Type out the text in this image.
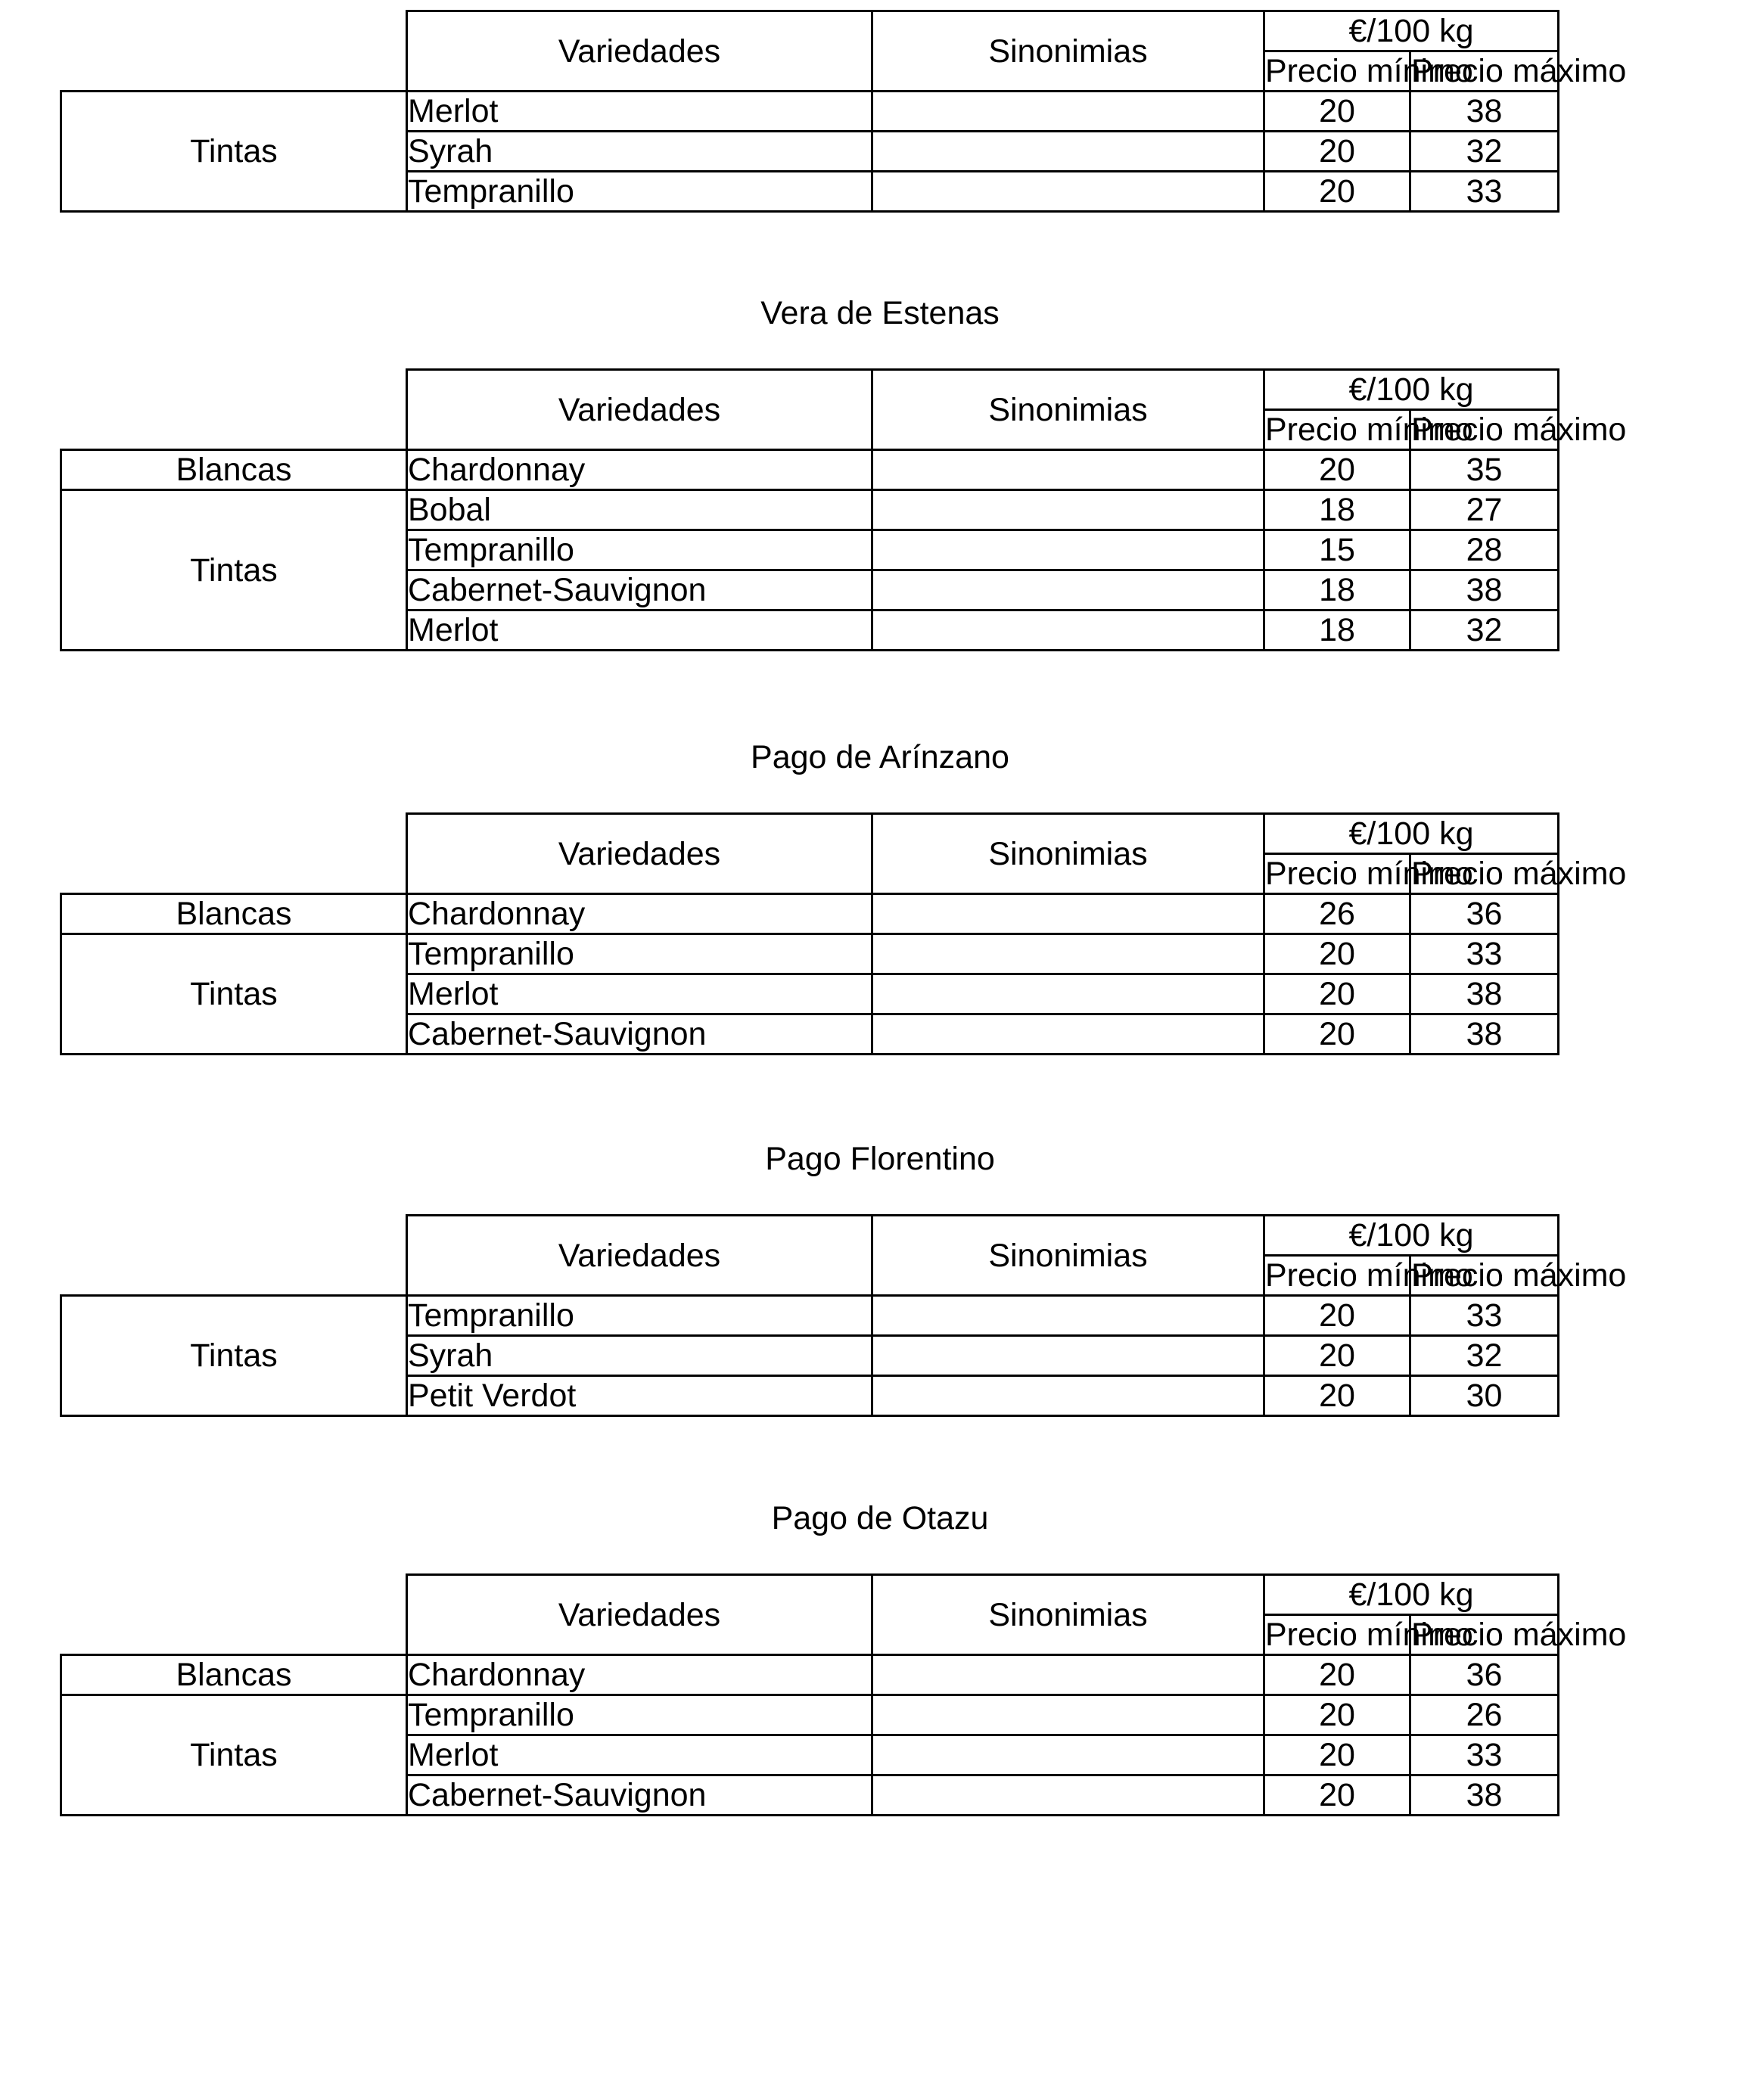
	Variedades	Sinonimias	€/100 kg	
			Precio mínimo	Precio máximo
Tintas	Merlot		20	38
	Syrah		20	32
	Tempranillo		20	33
Vera de Estenas
	Variedades	Sinonimias	€/100 kg	
			Precio mínimo	Precio máximo
Blancas	Chardonnay		20	35
Tintas	Bobal		18	27
	Tempranillo		15	28
	Cabernet-Sauvignon		18	38
	Merlot		18	32
Pago de Arínzano
	Variedades	Sinonimias	€/100 kg	
			Precio mínimo	Precio máximo
Blancas	Chardonnay		26	36
Tintas	Tempranillo		20	33
	Merlot		20	38
	Cabernet-Sauvignon		20	38
Pago Florentino
	Variedades	Sinonimias	€/100 kg	
			Precio mínimo	Precio máximo
Tintas	Tempranillo		20	33
	Syrah		20	32
	Petit Verdot		20	30
Pago de Otazu
	Variedades	Sinonimias	€/100 kg	
			Precio mínimo	Precio máximo
Blancas	Chardonnay		20	36
Tintas	Tempranillo		20	26
	Merlot		20	33
	Cabernet-Sauvignon		20	38
